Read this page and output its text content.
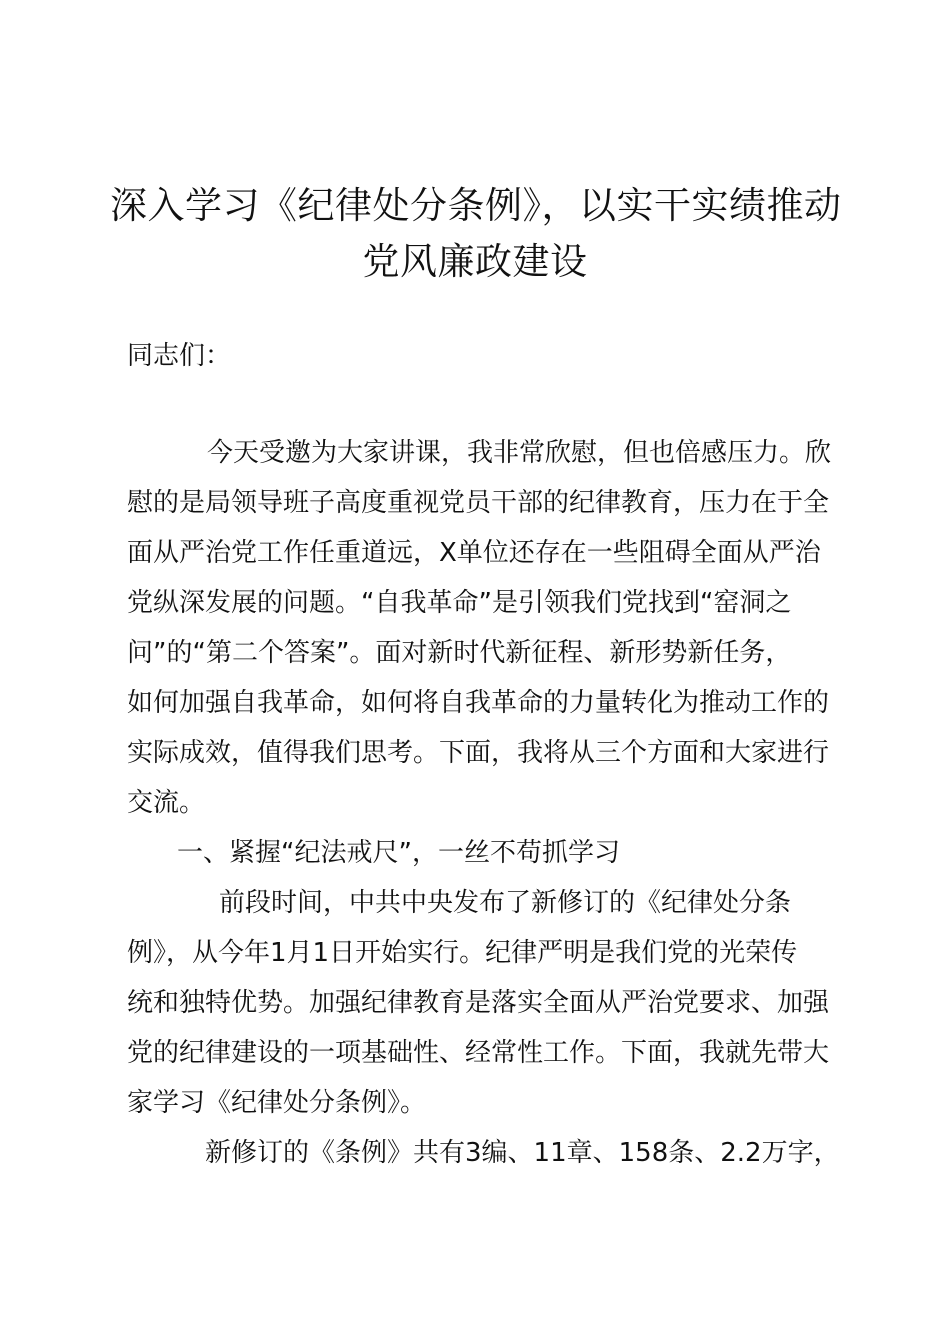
深入学习《纪律处分条例》，以实干实绩推动
党风廉政建设
同志们：
今天受邀为大家讲课，我非常欣慰，但也倍感压力。欣
慰的是局领导班子高度重视党员干部的纪律教育，压力在于全
面从严治党工作任重道远，X单位还存在一些阻碍全面从严治
党纵深发展的问题。“自我革命”是引领我们党找到“窑洞之
问”的“第二个答案”。面对新时代新征程、新形势新任务，
如何加强自我革命，如何将自我革命的力量转化为推动工作的
实际成效，值得我们思考。下面，我将从三个方面和大家进行
交流。
一、紧握“纪法戒尺”，一丝不苟抓学习
前段时间，中共中央发布了新修订的《纪律处分条
例》，从今年1月1日开始实行。纪律严明是我们党的光荣传
统和独特优势。加强纪律教育是落实全面从严治党要求、加强
党的纪律建设的一项基础性、经常性工作。下面，我就先带大
家学习《纪律处分条例》。
新修订的《条例》共有3编、11章、158条、2.2万字，
